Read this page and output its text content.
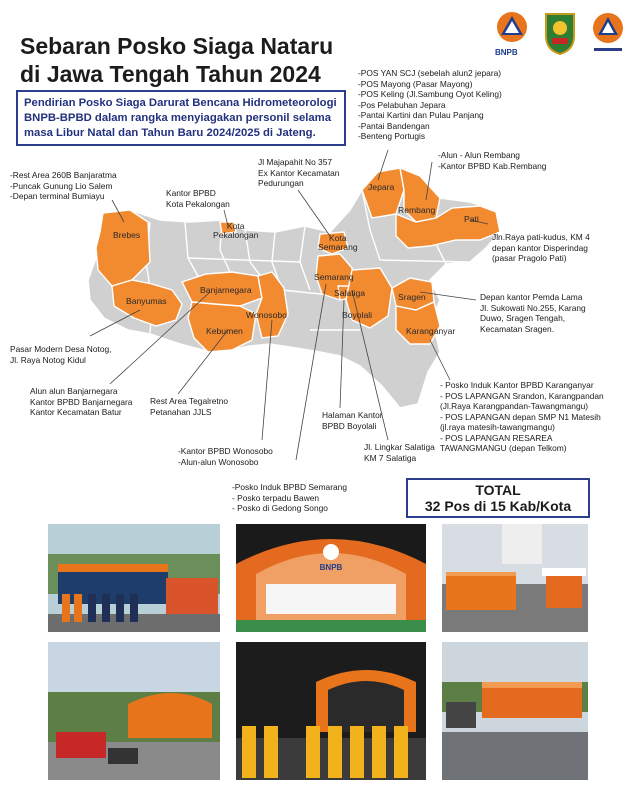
Sebaran Posko Siaga Nataru
di Jawa Tengah Tahun 2024
BNPB
Pendirian Posko Siaga Darurat Bencana Hidrometeorologi
BNPB-BPBD dalam rangka menyiagakan personil selama
masa Libur Natal dan Tahun Baru 2024/2025 di Jateng.
Brebes
Kota
Pekalongan
Banyumas
Banjarnegara
Kebumen
Wonosobo
Kota
Semarang
Semarang
Salatiga
Boyolali
Jepara
Rembang
Pati
Sragen
Karanganyar
-Rest Area 260B Banjaratma
-Puncak Gunung Lio Salem
-Depan terminal Bumiayu	Kantor BPBD
Kota Pekalongan
Jl Majapahit No 357
Ex Kantor Kecamatan
Pedurungan
-POS YAN SCJ (sebelah alun2 jepara)
-POS Mayong (Pasar Mayong)
-POS Keling (Jl.Sambung Oyot Keling)
-Pos Pelabuhan Jepara
-Pantai Kartini dan Pulau Panjang
-Pantai Bandengan
-Benteng Portugis
-Alun - Alun Rembang
-Kantor BPBD Kab.Rembang
Jln.Raya pati-kudus, KM 4
depan kantor Disperindag
(pasar Pragolo Pati)
Depan kantor Pemda Lama
Jl. Sukowati No.255, Karang
Duwo, Sragen Tengah,
Kecamatan Sragen.
Pasar Modern Desa Notog,
Jl. Raya Notog Kidul
Alun alun Banjarnegara
Kantor BPBD Banjarnegara
Kantor Kecamatan Batur
Rest Area Tegalretno
Petanahan JJLS	Halaman Kantor
BPBD Boyolali
Jl. Lingkar Salatiga
KM 7 Salatiga
- Posko Induk Kantor BPBD Karanganyar
- POS LAPANGAN Srandon, Karangpandan
(Jl.Raya Karangpandan-Tawangmangu)
- POS LAPANGAN depan SMP N1 Matesih
(jl.raya matesih-tawangmangu)
- POS LAPANGAN RESAREA
TAWANGMANGU (depan Telkom)
-Kantor BPBD Wonosobo
-Alun-alun Wonosobo
-Posko Induk BPBD Semarang
- Posko terpadu Bawen
- Posko di Gedong Songo
TOTAL
32 Pos di 15 Kab/Kota
BNPB
